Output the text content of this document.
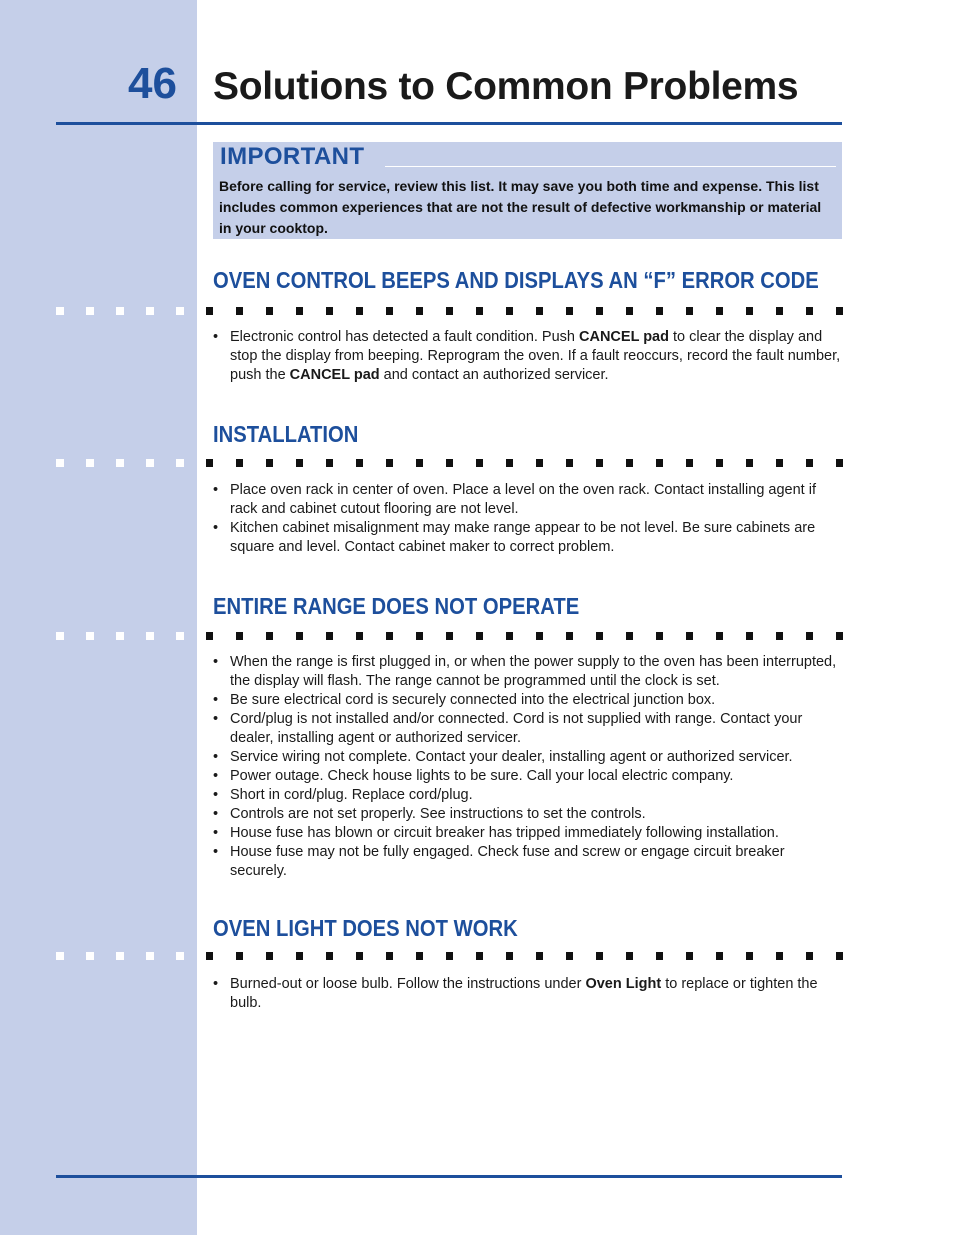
46 Solutions to Common Problems
IMPORTANT
Before calling for service, review this list. It may save you both time and expense. This list includes common experiences that are not the result of defective workmanship or material in your cooktop.
OVEN CONTROL BEEPS AND DISPLAYS AN “F” ERROR CODE
• Electronic control has detected a fault condition. Push CANCEL pad to clear the display and stop the display from beeping. Reprogram the oven. If a fault reoccurs, record the fault number, push the CANCEL pad and contact an authorized servicer.
INSTALLATION
• Place oven rack in center of oven. Place a level on the oven rack. Contact installing agent if rack and cabinet cutout flooring are not level.
• Kitchen cabinet misalignment may make range appear to be not level. Be sure cabinets are square and level. Contact cabinet maker to correct problem.
ENTIRE RANGE DOES NOT OPERATE
• When the range is first plugged in, or when the power supply to the oven has been interrupted, the display will flash. The range cannot be programmed until the clock is set.
• Be sure electrical cord is securely connected into the electrical junction box.
• Cord/plug is not installed and/or connected. Cord is not supplied with range. Contact your dealer, installing agent or authorized servicer.
• Service wiring not complete. Contact your dealer, installing agent or authorized servicer.
• Power outage. Check house lights to be sure. Call your local electric company.
• Short in cord/plug. Replace cord/plug.
• Controls are not set properly. See instructions to set the controls.
• House fuse has blown or circuit breaker has tripped immediately following installation.
• House fuse may not be fully engaged. Check fuse and screw or engage circuit breaker securely.
OVEN LIGHT DOES NOT WORK
• Burned-out or loose bulb. Follow the instructions under Oven Light to replace or tighten the bulb.
